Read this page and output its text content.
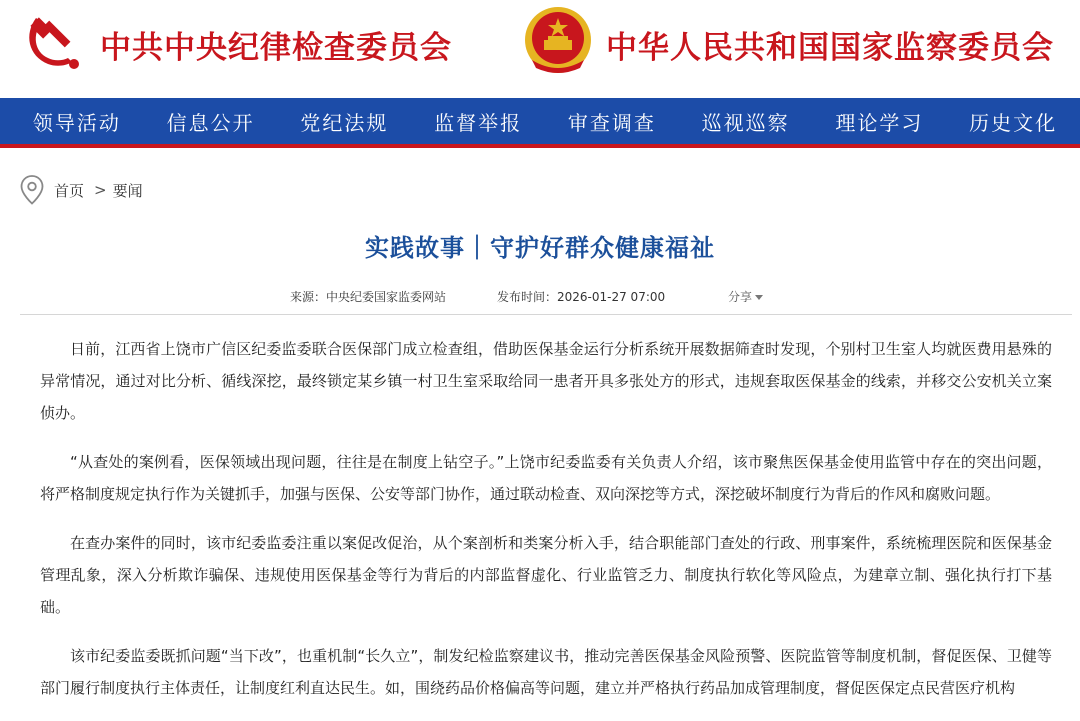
中共中央纪律检查委员会	中华人民共和国国家监察委员会
领导活动	信息公开	党纪法规	监督举报	审查调查	巡视巡察	理论学习	历史文化
首页 > 要闻
实践故事｜守护好群众健康福祉
来源：中央纪委国家监委网站	发布时间：2026-01-27 07:00	分享

日前，江西省上饶市广信区纪委监委联合医保部门成立检查组，借助医保基金运行分析系统开展数据筛查时发现，个别村卫生室人均就医费用悬殊的异常情况，通过对比分析、循线深挖，最终锁定某乡镇一村卫生室采取给同一患者开具多张处方的形式，违规套取医保基金的线索，并移交公安机关立案侦办。

“从查处的案例看，医保领域出现问题，往往是在制度上钻空子。”上饶市纪委监委有关负责人介绍，该市聚焦医保基金使用监管中存在的突出问题，将严格制度规定执行作为关键抓手，加强与医保、公安等部门协作，通过联动检查、双向深挖等方式，深挖破坏制度行为背后的作风和腐败问题。

在查办案件的同时，该市纪委监委注重以案促改促治，从个案剖析和类案分析入手，结合职能部门查处的行政、刑事案件，系统梳理医院和医保基金管理乱象，深入分析欺诈骗保、违规使用医保基金等行为背后的内部监督虚化、行业监管乏力、制度执行软化等风险点，为建章立制、强化执行打下基础。

该市纪委监委既抓问题“当下改”，也重机制“长久立”，制发纪检监察建议书，推动完善医保基金风险预警、医院监管等制度机制，督促医保、卫健等部门履行制度执行主体责任，让制度红利直达民生。如，围绕药品价格偏高等问题，建立并严格执行药品加成管理制度，督促医保定点民营医疗机构
